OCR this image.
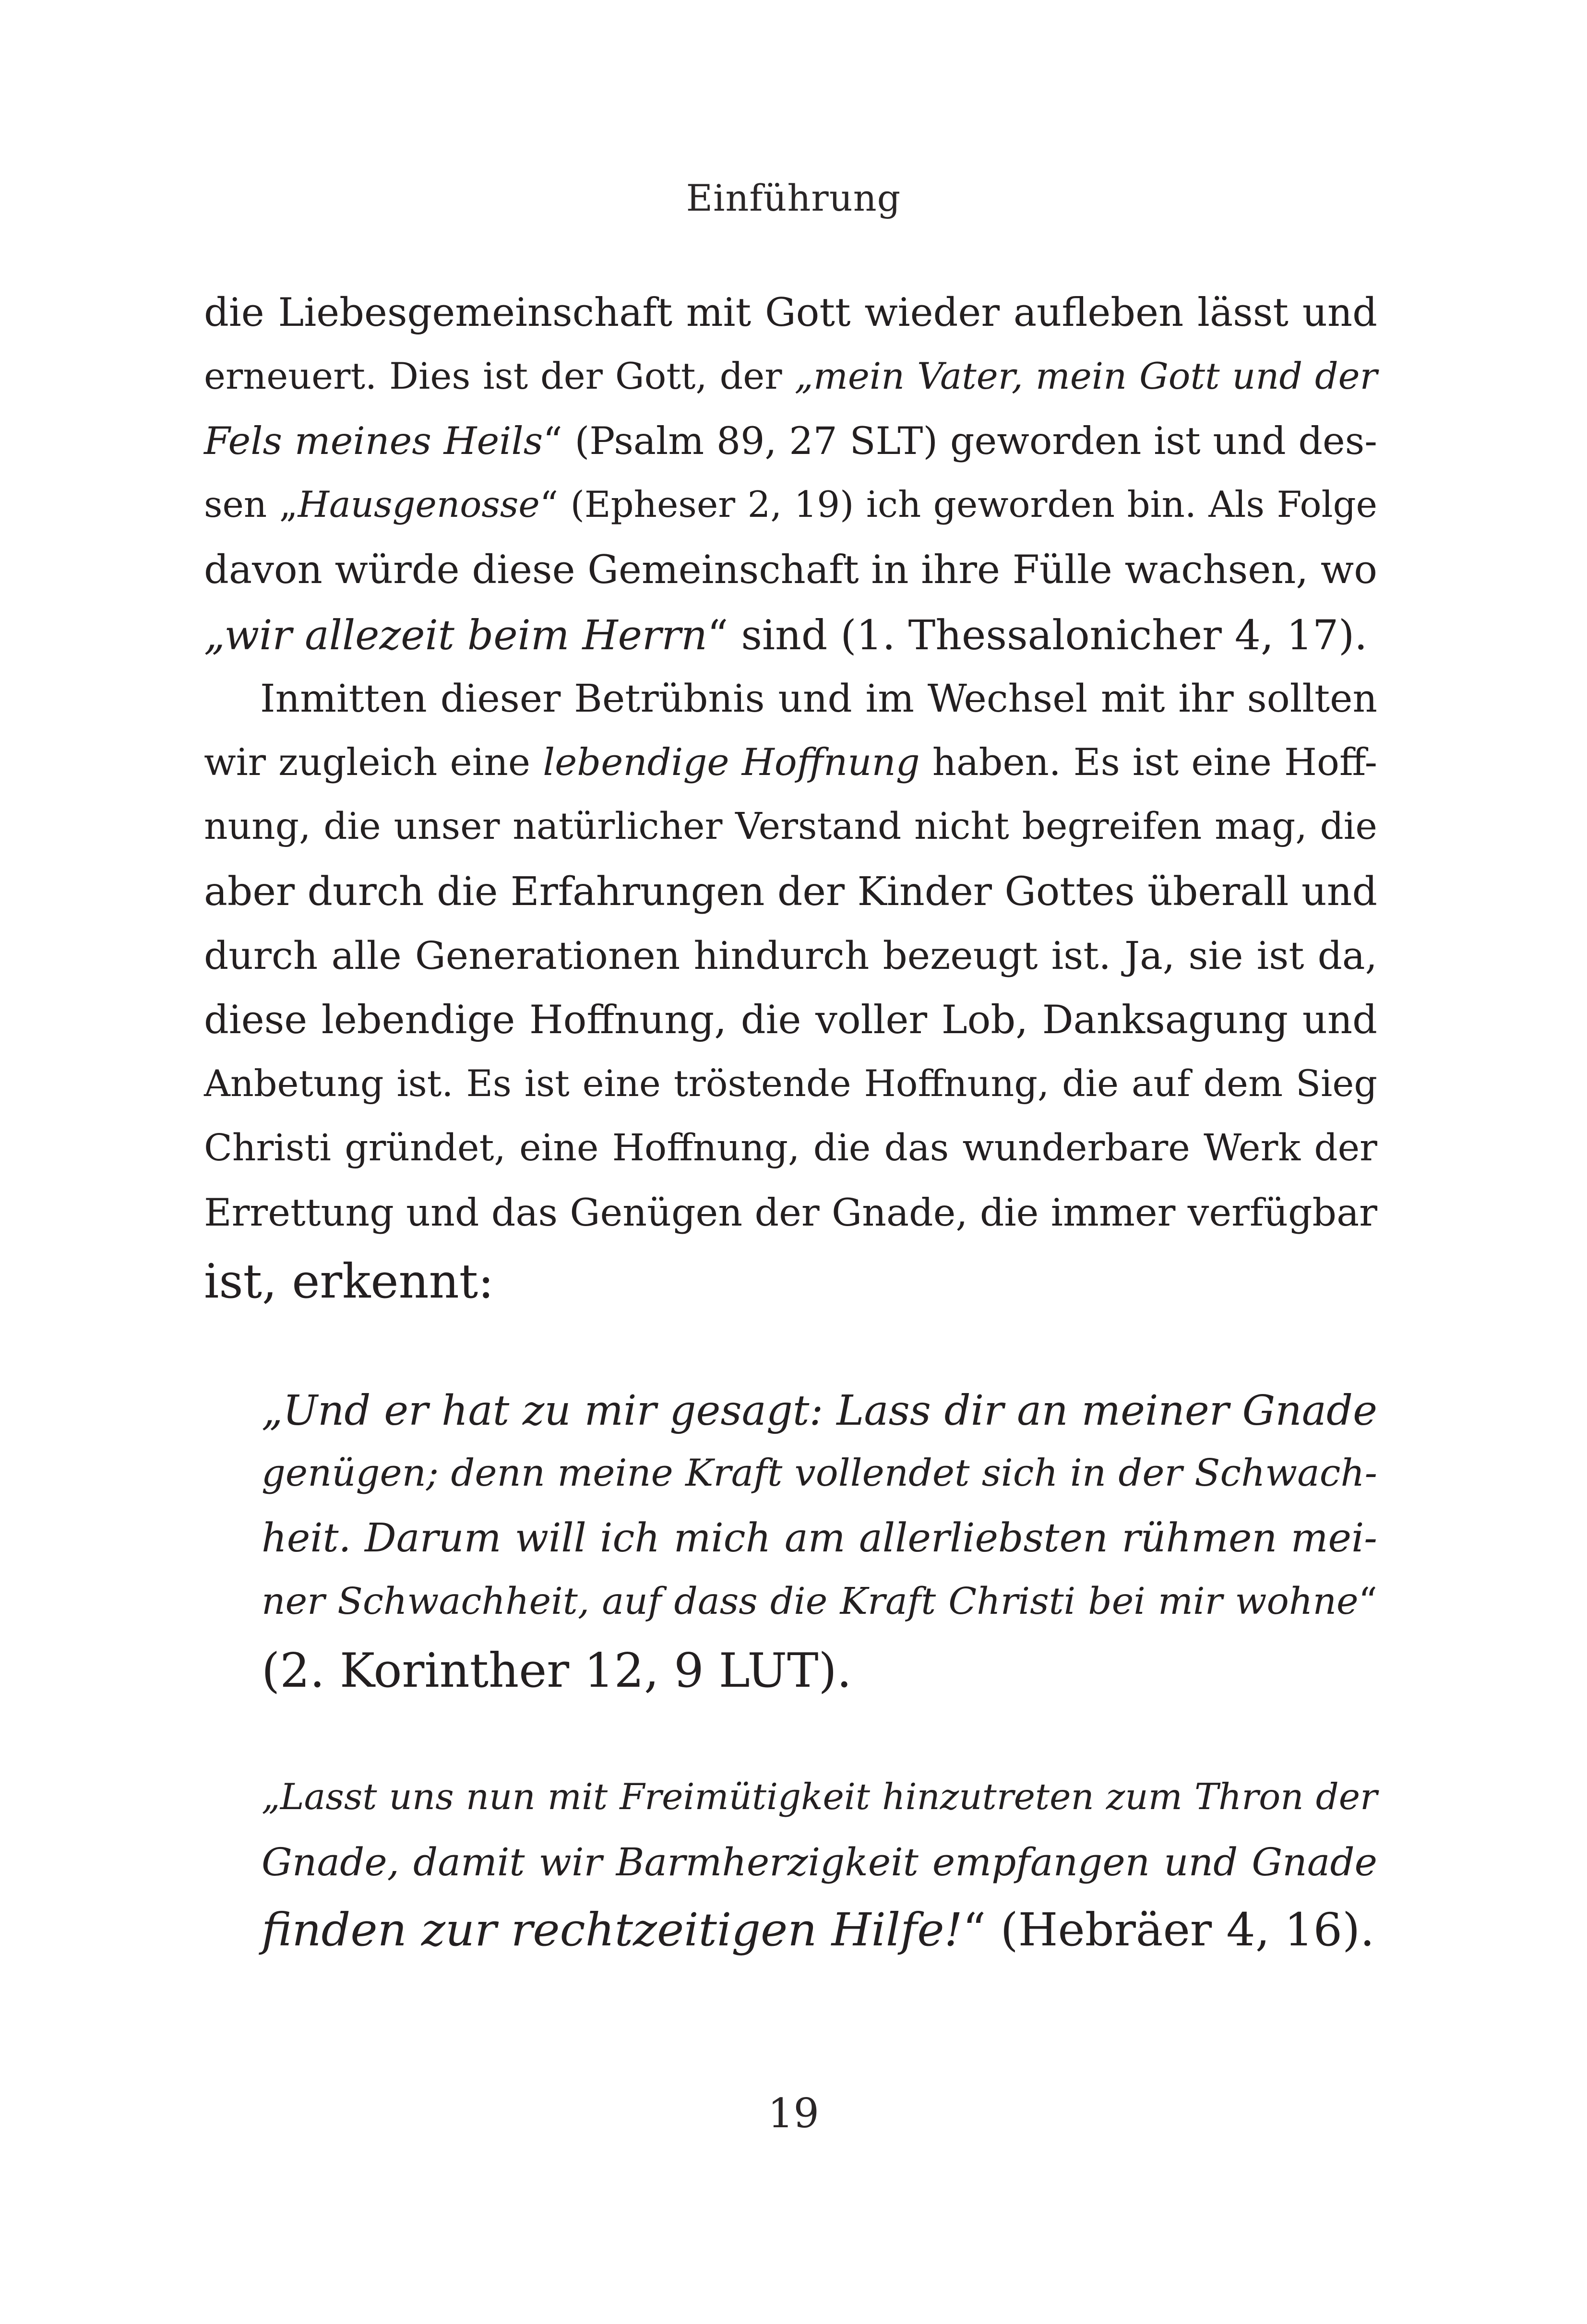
Einführung
die Liebesgemeinschaft mit Gott wieder aufleben lässt und
erneuert. Dies ist der Gott, der „mein Vater, mein Gott und der
Fels meines Heils“ (Psalm 89, 27 SLT) geworden ist und des-
sen „Hausgenosse“ (Epheser 2, 19) ich geworden bin. Als Folge
davon würde diese Gemeinschaft in ihre Fülle wachsen, wo
„wir allezeit beim Herrn“ sind (1. Thessalonicher 4, 17).
Inmitten dieser Betrübnis und im Wechsel mit ihr sollten
wir zugleich eine lebendige Hoffnung haben. Es ist eine Hoff-
nung, die unser natürlicher Verstand nicht begreifen mag, die
aber durch die Erfahrungen der Kinder Gottes überall und
durch alle Generationen hindurch bezeugt ist. Ja, sie ist da,
diese lebendige Hoffnung, die voller Lob, Danksagung und
Anbetung ist. Es ist eine tröstende Hoffnung, die auf dem Sieg
Christi gründet, eine Hoffnung, die das wunderbare Werk der
Errettung und das Genügen der Gnade, die immer verfügbar
ist, erkennt:
„Und er hat zu mir gesagt: Lass dir an meiner Gnade
genügen; denn meine Kraft vollendet sich in der Schwach-
heit. Darum will ich mich am allerliebsten rühmen mei-
ner Schwachheit, auf dass die Kraft Christi bei mir wohne“
(2. Korinther 12, 9 LUT).
„Lasst uns nun mit Freimütigkeit hinzutreten zum Thron der
Gnade, damit wir Barmherzigkeit empfangen und Gnade
finden zur rechtzeitigen Hilfe!“ (Hebräer 4, 16).
19
